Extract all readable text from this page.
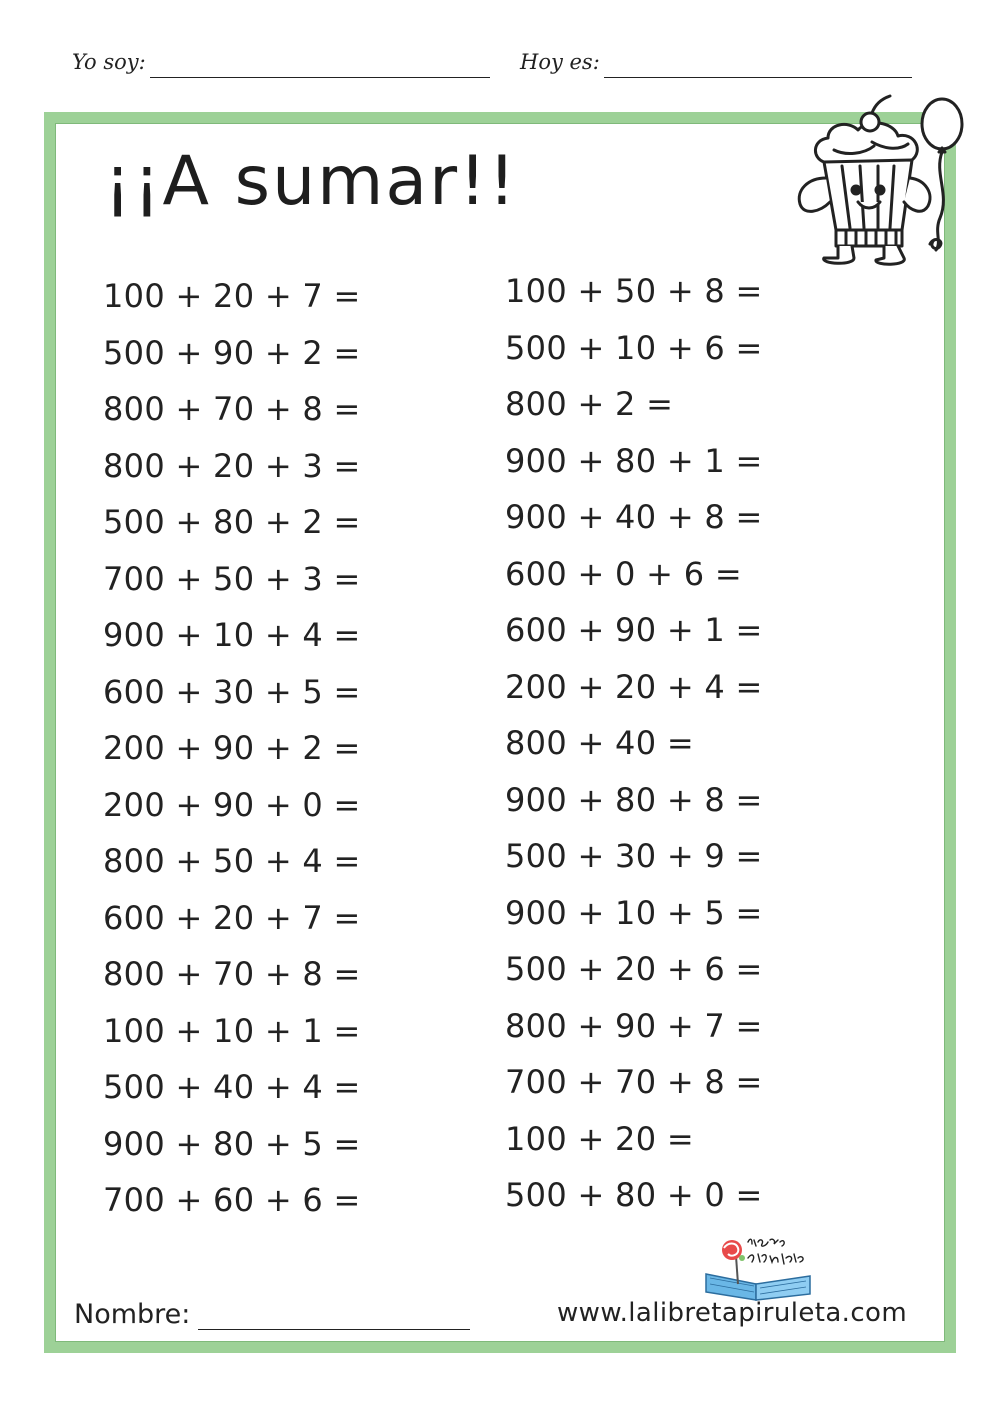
Yo soy:	Hoy es:
¡¡A sumar!!
100 + 20 + 7 =
500 + 90 + 2 =
800 + 70 + 8 =
800 + 20 + 3 =
500 + 80 + 2 =
700 + 50 + 3 =
900 + 10 + 4 =
600 + 30 + 5 =
200 + 90 + 2 =
200 + 90 + 0 =
800 + 50 + 4 =
600 + 20 + 7 =
800 + 70 + 8 =
100 + 10 + 1 =
500 + 40 + 4 =
900 + 80 + 5 =
700 + 60 + 6 =
100 + 50 + 8 =
500 + 10 + 6 =
800 + 2 =
900 + 80 + 1 =
900 + 40 + 8 =
600 + 0 + 6 =
600 + 90 + 1 =
200 + 20 + 4 =
800 + 40 =
900 + 80 + 8 =
500 + 30 + 9 =
900 + 10 + 5 =
500 + 20 + 6 =
800 + 90 + 7 =
700 + 70 + 8 =
100 + 20 =
500 + 80 + 0 =
Nombre:	www.lalibretapiruleta.com
